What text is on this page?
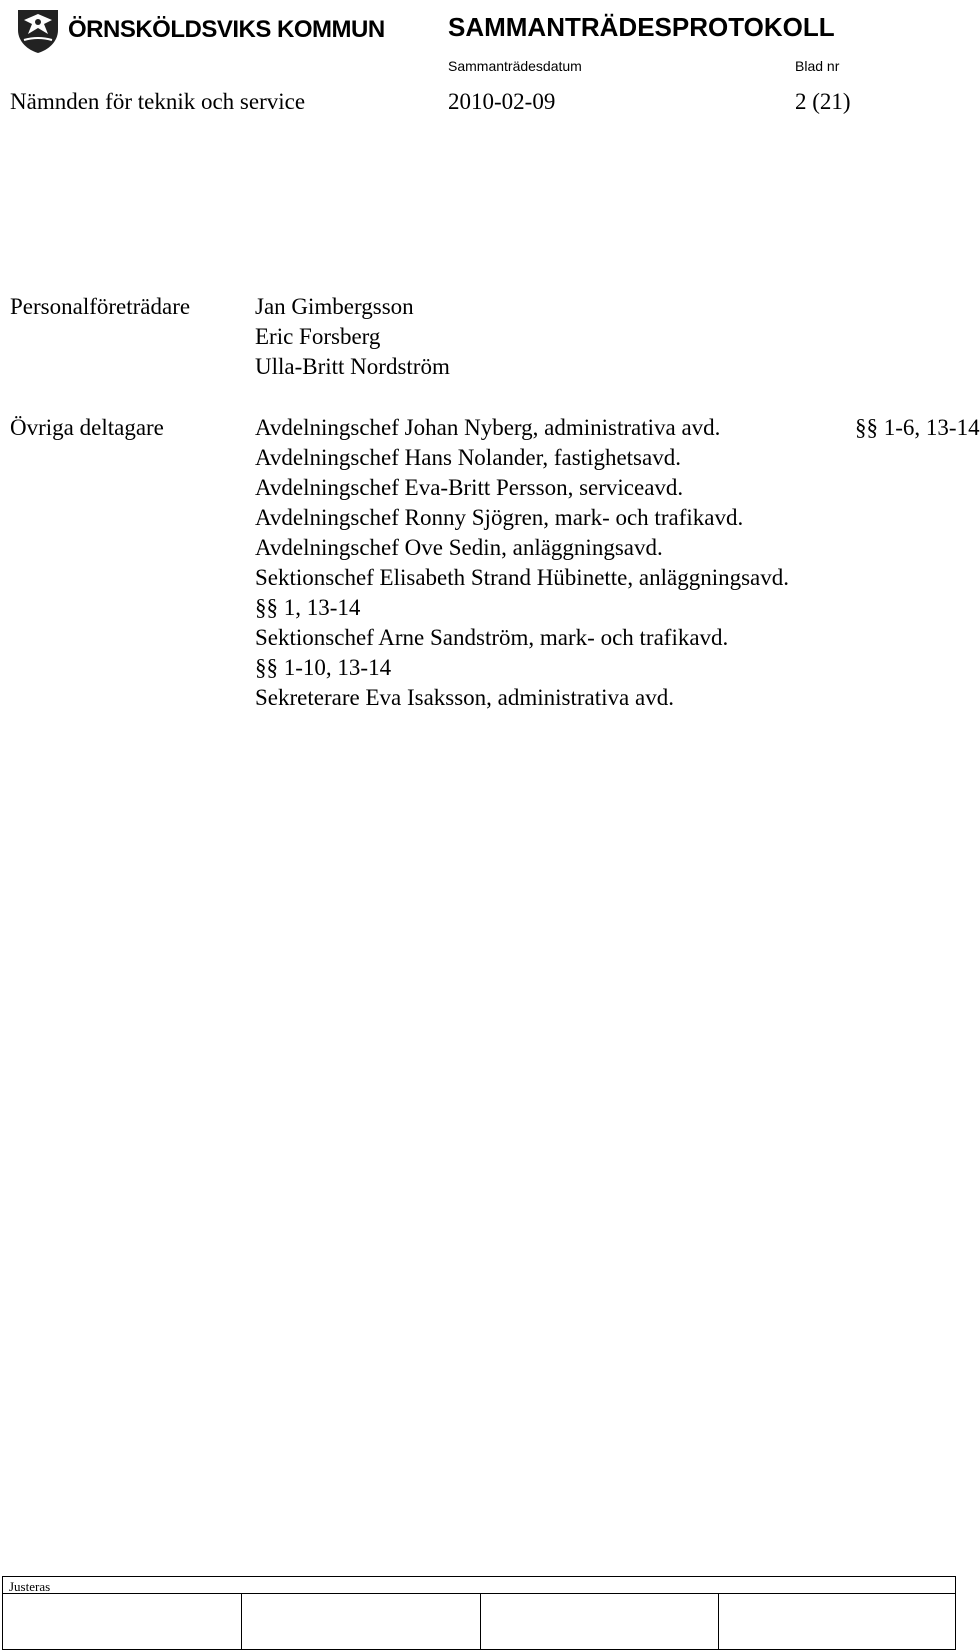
ÖRNSKÖLDSVIKS KOMMUN SAMMANTRÄDESPROTOKOLL
Sammanträdesdatum	Blad nr
Nämnden för teknik och service	2010-02-09	2 (21)
Personalföreträdare	Jan Gimbergsson
Eric Forsberg
Ulla-Britt Nordström
Övriga deltagare	Avdelningschef Johan Nyberg, administrativa avd.	§§ 1-6, 13-14
Avdelningschef Hans Nolander, fastighetsavd.
Avdelningschef Eva-Britt Persson, serviceavd.
Avdelningschef Ronny Sjögren, mark- och trafikavd.
Avdelningschef Ove Sedin, anläggningsavd.
Sektionschef Elisabeth Strand Hübinette, anläggningsavd.
§§ 1, 13-14
Sektionschef Arne Sandström, mark- och trafikavd.
§§ 1-10, 13-14
Sekreterare Eva Isaksson, administrativa avd.
Justeras
